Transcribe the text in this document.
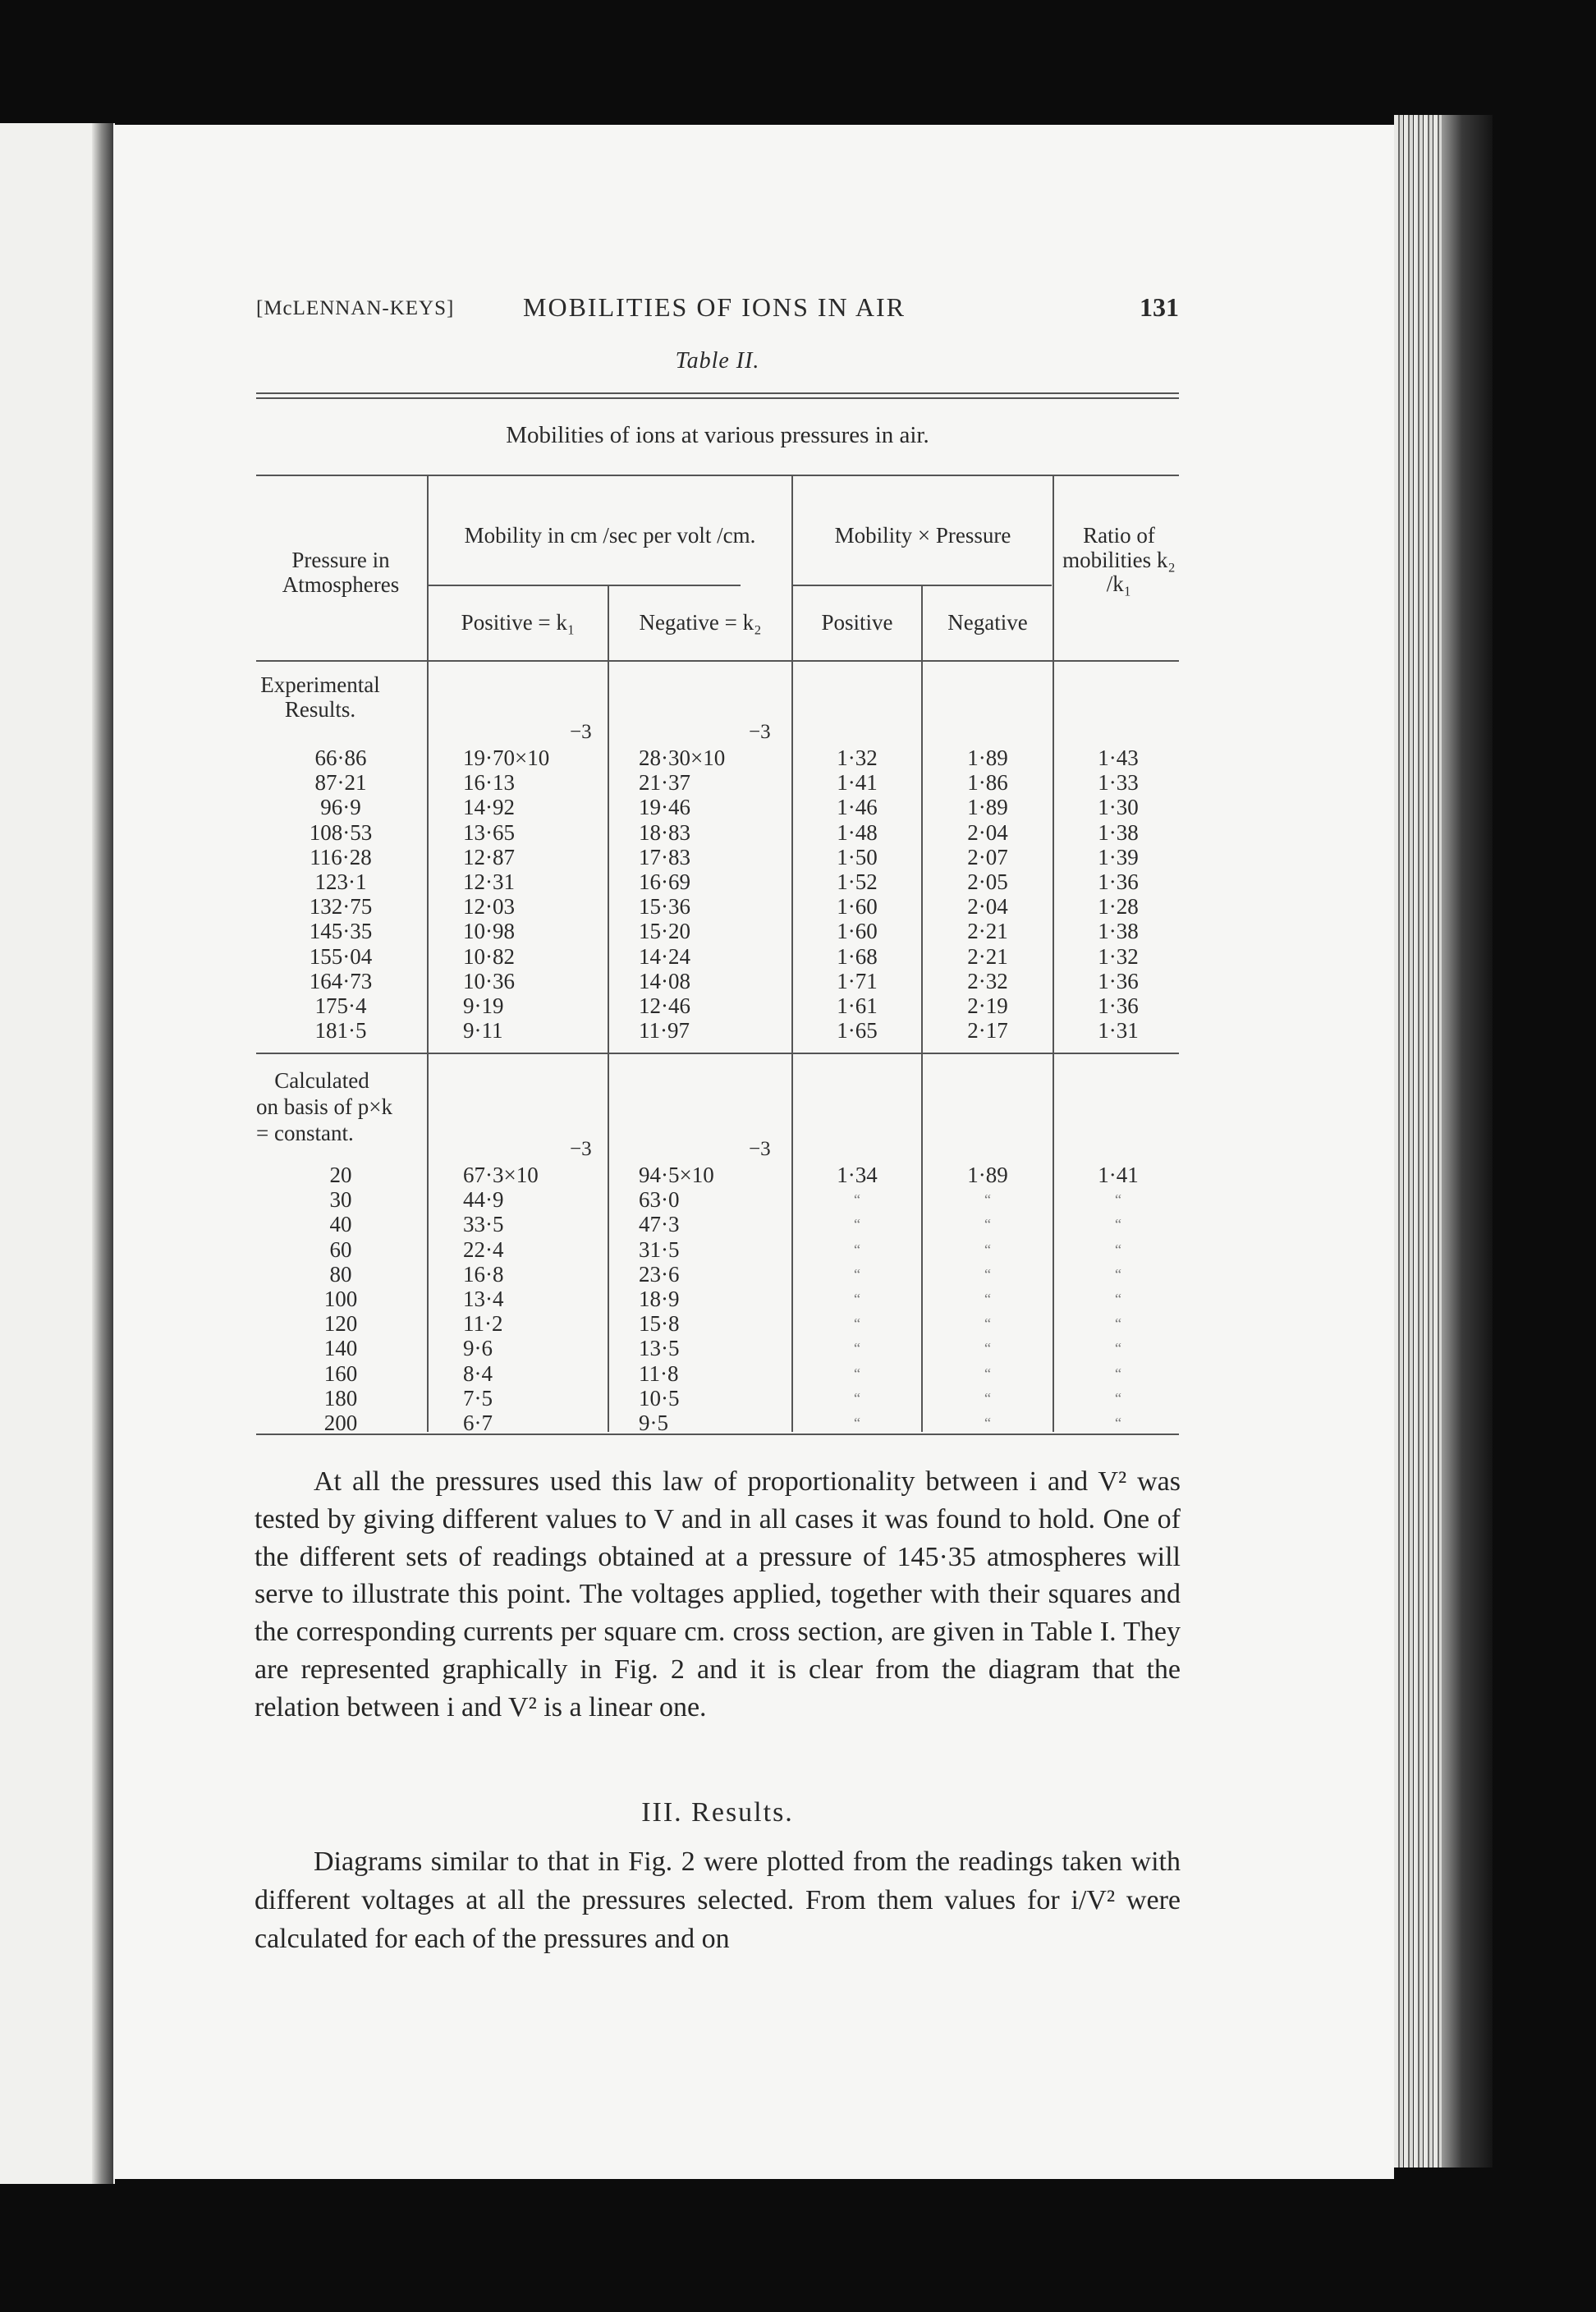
[McLENNAN-KEYS]	MOBILITIES OF IONS IN AIR	131
Table II.
Mobilities of ions at various pressures in air.
Pressure in Atmospheres
Mobility in cm /sec per volt /cm.
Positive = k₁	Negative = k₂
Mobility × Pressure
Positive	Negative
Ratio of mobilities k₂ /k₁
Experimental Results.
−3	−3
66·86	19·70×10	28·30×10	1·32	1·89	1·43
87·21	16·13	21·37	1·41	1·86	1·33
96·9	14·92	19·46	1·46	1·89	1·30
108·53	13·65	18·83	1·48	2·04	1·38
116·28	12·87	17·83	1·50	2·07	1·39
123·1	12·31	16·69	1·52	2·05	1·36
132·75	12·03	15·36	1·60	2·04	1·28
145·35	10·98	15·20	1·60	2·21	1·38
155·04	10·82	14·24	1·68	2·21	1·32
164·73	10·36	14·08	1·71	2·32	1·36
175·4	9·19	12·46	1·61	2·19	1·36
181·5	9·11	11·97	1·65	2·17	1·31
Calculated
on basis of p×k
= constant.
−3	−3
20	67·3×10	94·5×10	1·34	1·89	1·41
30	44·9	63·0	“	“	“
40	33·5	47·3	“	“	“
60	22·4	31·5	“	“	“
80	16·8	23·6	“	“	“
100	13·4	18·9	“	“	“
120	11·2	15·8	“	“	“
140	9·6	13·5	“	“	“
160	8·4	11·8	“	“	“
180	7·5	10·5	“	“	“
200	6·7	9·5	“	“	“

At all the pressures used this law of proportionality between i and V² was tested by giving different values to V and in all cases it was found to hold. One of the different sets of readings obtained at a pressure of 145·35 atmospheres will serve to illustrate this point. The voltages applied, together with their squares and the corresponding currents per square cm. cross section, are given in Table I. They are represented graphically in Fig. 2 and it is clear from the diagram that the relation between i and V² is a linear one.

III. Results.

Diagrams similar to that in Fig. 2 were plotted from the readings taken with different voltages at all the pressures selected. From them values for i/V² were calculated for each of the pressures and on
